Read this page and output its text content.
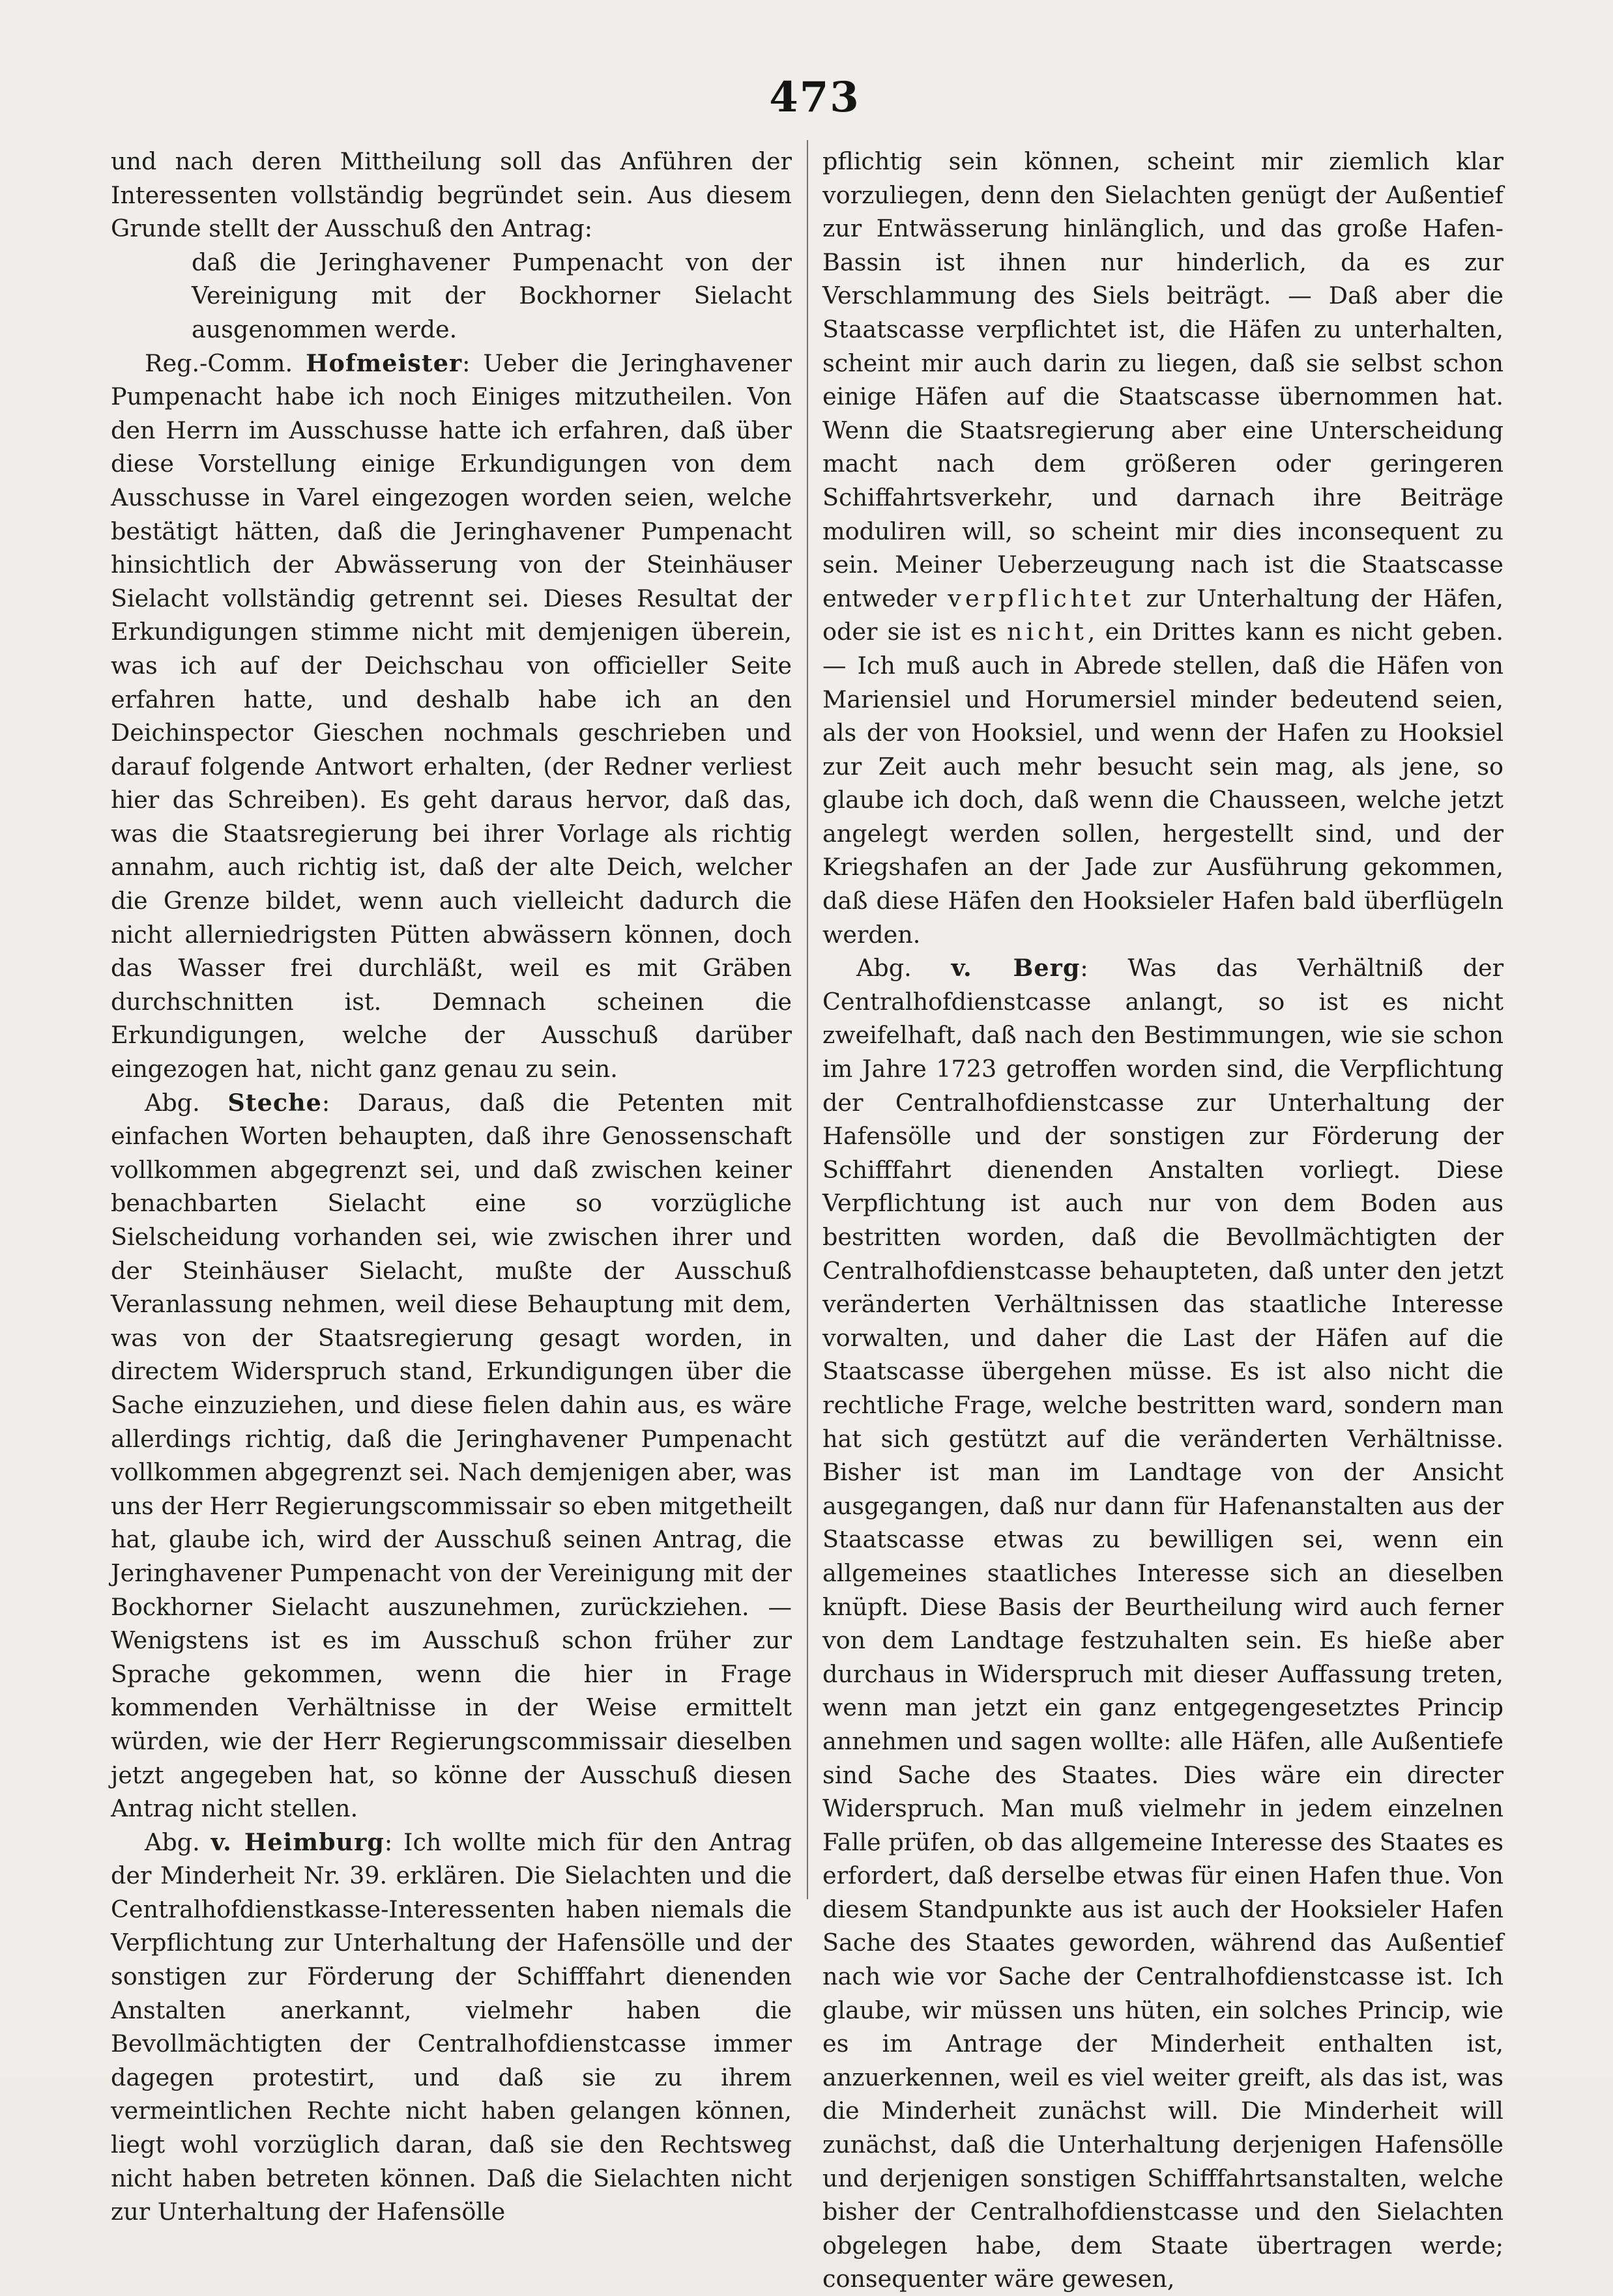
473

und nach deren Mittheilung soll das Anführen der Interessenten vollständig begründet sein. Aus diesem Grunde stellt der Ausschuß den Antrag:

daß die Jeringhavener Pumpenacht von der Vereinigung mit der Bockhorner Sielacht ausgenommen werde.

Reg.-Comm. Hofmeister: Ueber die Jeringhavener Pumpenacht habe ich noch Einiges mitzutheilen. Von den Herrn im Ausschusse hatte ich erfahren, daß über diese Vorstellung einige Erkundigungen von dem Ausschusse in Varel eingezogen worden seien, welche bestätigt hätten, daß die Jeringhavener Pumpenacht hinsichtlich der Abwässerung von der Steinhäuser Sielacht vollständig getrennt sei. Dieses Resultat der Erkundigungen stimme nicht mit demjenigen überein, was ich auf der Deichschau von officieller Seite erfahren hatte, und deshalb habe ich an den Deichinspector Gieschen nochmals geschrieben und darauf folgende Antwort erhalten, (der Redner verliest hier das Schreiben). Es geht daraus hervor, daß das, was die Staatsregierung bei ihrer Vorlage als richtig annahm, auch richtig ist, daß der alte Deich, welcher die Grenze bildet, wenn auch vielleicht dadurch die nicht allerniedrigsten Pütten abwässern können, doch das Wasser frei durchläßt, weil es mit Gräben durchschnitten ist. Demnach scheinen die Erkundigungen, welche der Ausschuß darüber eingezogen hat, nicht ganz genau zu sein.

Abg. Steche: Daraus, daß die Petenten mit einfachen Worten behaupten, daß ihre Genossenschaft vollkommen abgegrenzt sei, und daß zwischen keiner benachbarten Sielacht eine so vorzügliche Sielscheidung vorhanden sei, wie zwischen ihrer und der Steinhäuser Sielacht, mußte der Ausschuß Veranlassung nehmen, weil diese Behauptung mit dem, was von der Staatsregierung gesagt worden, in directem Widerspruch stand, Erkundigungen über die Sache einzuziehen, und diese fielen dahin aus, es wäre allerdings richtig, daß die Jeringhavener Pumpenacht vollkommen abgegrenzt sei. Nach demjenigen aber, was uns der Herr Regierungscommissair so eben mitgetheilt hat, glaube ich, wird der Ausschuß seinen Antrag, die Jeringhavener Pumpenacht von der Vereinigung mit der Bockhorner Sielacht auszunehmen, zurückziehen. — Wenigstens ist es im Ausschuß schon früher zur Sprache gekommen, wenn die hier in Frage kommenden Verhältnisse in der Weise ermittelt würden, wie der Herr Regierungscommissair dieselben jetzt angegeben hat, so könne der Ausschuß diesen Antrag nicht stellen.

Abg. v. Heimburg: Ich wollte mich für den Antrag der Minderheit Nr. 39. erklären. Die Sielachten und die Centralhofdienstkasse-Interessenten haben niemals die Verpflichtung zur Unterhaltung der Hafensölle und der sonstigen zur Förderung der Schifffahrt dienenden Anstalten anerkannt, vielmehr haben die Bevollmächtigten der Centralhofdienstcasse immer dagegen protestirt, und daß sie zu ihrem vermeintlichen Rechte nicht haben gelangen können, liegt wohl vorzüglich daran, daß sie den Rechtsweg nicht haben betreten können. Daß die Sielachten nicht zur Unterhaltung der Hafensölle

pflichtig sein können, scheint mir ziemlich klar vorzuliegen, denn den Sielachten genügt der Außentief zur Entwässerung hinlänglich, und das große Hafen-Bassin ist ihnen nur hinderlich, da es zur Verschlammung des Siels beiträgt. — Daß aber die Staatscasse verpflichtet ist, die Häfen zu unterhalten, scheint mir auch darin zu liegen, daß sie selbst schon einige Häfen auf die Staatscasse übernommen hat. Wenn die Staatsregierung aber eine Unterscheidung macht nach dem größeren oder geringeren Schiffahrtsverkehr, und darnach ihre Beiträge moduliren will, so scheint mir dies inconsequent zu sein. Meiner Ueberzeugung nach ist die Staatscasse entweder verpflichtet zur Unterhaltung der Häfen, oder sie ist es nicht, ein Drittes kann es nicht geben. — Ich muß auch in Abrede stellen, daß die Häfen von Mariensiel und Horumersiel minder bedeutend seien, als der von Hooksiel, und wenn der Hafen zu Hooksiel zur Zeit auch mehr besucht sein mag, als jene, so glaube ich doch, daß wenn die Chausseen, welche jetzt angelegt werden sollen, hergestellt sind, und der Kriegshafen an der Jade zur Ausführung gekommen, daß diese Häfen den Hooksieler Hafen bald überflügeln werden.

Abg. v. Berg: Was das Verhältniß der Centralhofdienstcasse anlangt, so ist es nicht zweifelhaft, daß nach den Bestimmungen, wie sie schon im Jahre 1723 getroffen worden sind, die Verpflichtung der Centralhofdienstcasse zur Unterhaltung der Hafensölle und der sonstigen zur Förderung der Schifffahrt dienenden Anstalten vorliegt. Diese Verpflichtung ist auch nur von dem Boden aus bestritten worden, daß die Bevollmächtigten der Centralhofdienstcasse behaupteten, daß unter den jetzt veränderten Verhältnissen das staatliche Interesse vorwalten, und daher die Last der Häfen auf die Staatscasse übergehen müsse. Es ist also nicht die rechtliche Frage, welche bestritten ward, sondern man hat sich gestützt auf die veränderten Verhältnisse. Bisher ist man im Landtage von der Ansicht ausgegangen, daß nur dann für Hafenanstalten aus der Staatscasse etwas zu bewilligen sei, wenn ein allgemeines staatliches Interesse sich an dieselben knüpft. Diese Basis der Beurtheilung wird auch ferner von dem Landtage festzuhalten sein. Es hieße aber durchaus in Widerspruch mit dieser Auffassung treten, wenn man jetzt ein ganz entgegengesetztes Princip annehmen und sagen wollte: alle Häfen, alle Außentiefe sind Sache des Staates. Dies wäre ein directer Widerspruch. Man muß vielmehr in jedem einzelnen Falle prüfen, ob das allgemeine Interesse des Staates es erfordert, daß derselbe etwas für einen Hafen thue. Von diesem Standpunkte aus ist auch der Hooksieler Hafen Sache des Staates geworden, während das Außentief nach wie vor Sache der Centralhofdienstcasse ist. Ich glaube, wir müssen uns hüten, ein solches Princip, wie es im Antrage der Minderheit enthalten ist, anzuerkennen, weil es viel weiter greift, als das ist, was die Minderheit zunächst will. Die Minderheit will zunächst, daß die Unterhaltung derjenigen Hafensölle und derjenigen sonstigen Schifffahrtsanstalten, welche bisher der Centralhofdienstcasse und den Sielachten obgelegen habe, dem Staate übertragen werde; consequenter wäre gewesen,
